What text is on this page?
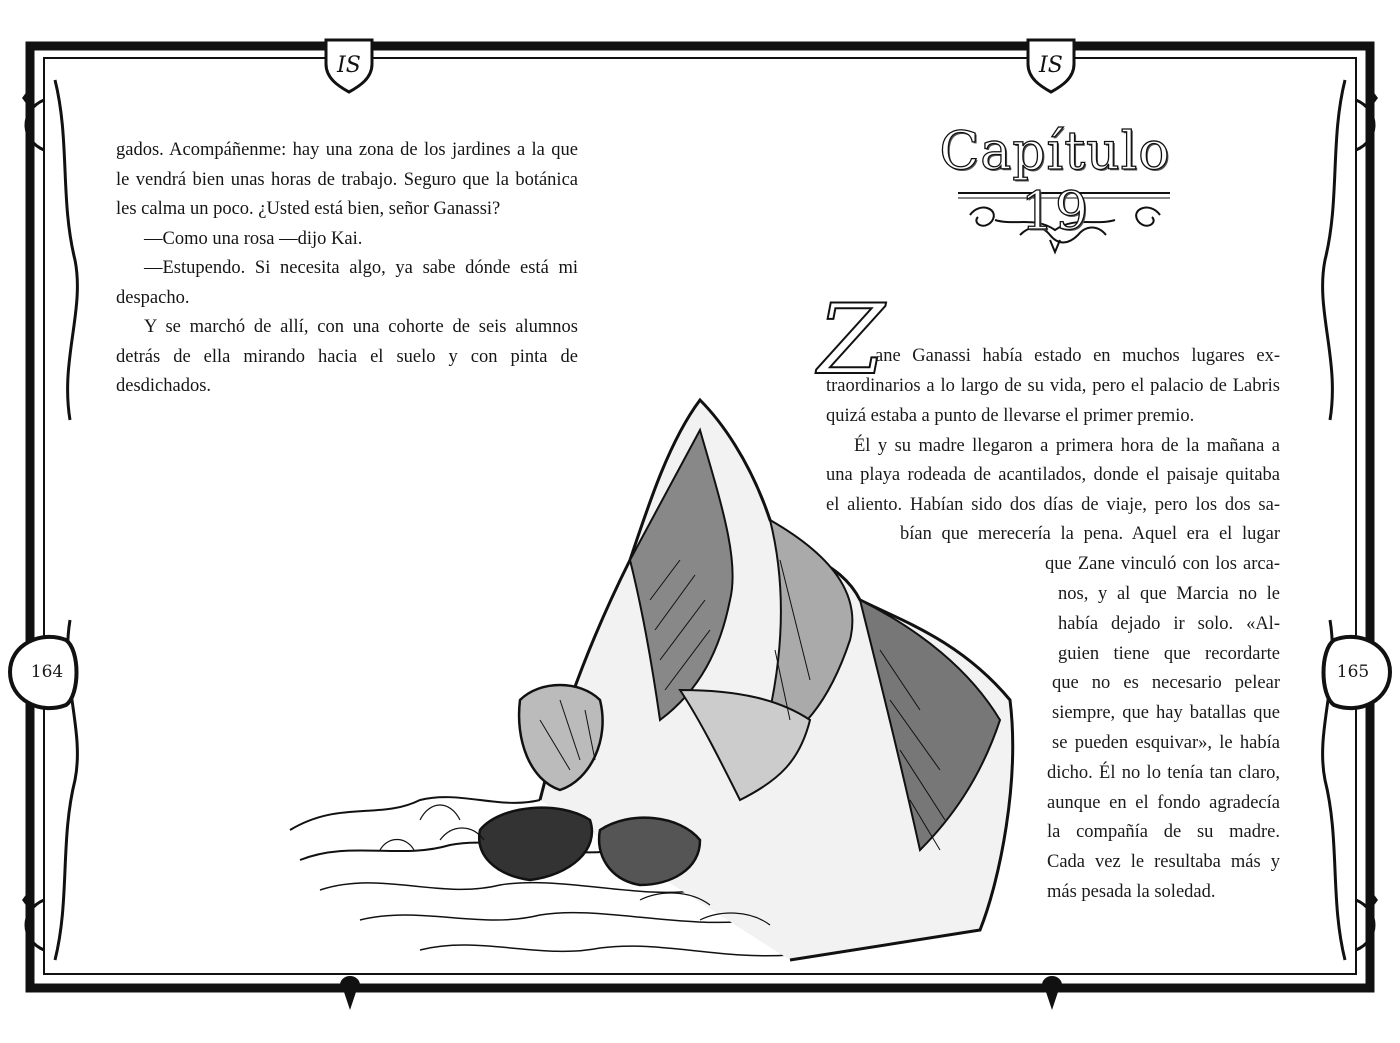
IS	IS
164	165

gados. Acompáñenme: hay una zona de los jardines a la que le vendrá bien unas horas de trabajo. Seguro que la botánica les calma un poco. ¿Usted está bien, señor Ganassi?

—Como una rosa —dijo Kai.

—Estupendo. Si necesita algo, ya sabe dónde está mi despacho.

Y se marchó de allí, con una cohorte de seis alumnos detrás de ella mirando hacia el suelo y con pinta de desdichados.

Capítulo 19
Z
ane Ganassi había estado en muchos lugares ex-
traordinarios a lo largo de su vida, pero el palacio de Labris
quizá estaba a punto de llevarse el primer premio.
Él y su madre llegaron a primera hora de la mañana a
una playa rodeada de acantilados, donde el paisaje quitaba
el aliento. Habían sido dos días de viaje, pero los dos sa-
bían que merecería la pena. Aquel era el lugar
que Zane vinculó con los arca-
nos, y al que Marcia no le
había dejado ir solo. «Al-
guien tiene que recordarte
que no es necesario pelear
siempre, que hay batallas que
se pueden esquivar», le había
dicho. Él no lo tenía tan claro,
aunque en el fondo agradecía
la compañía de su madre.
Cada vez le resultaba más y
más pesada la soledad.
